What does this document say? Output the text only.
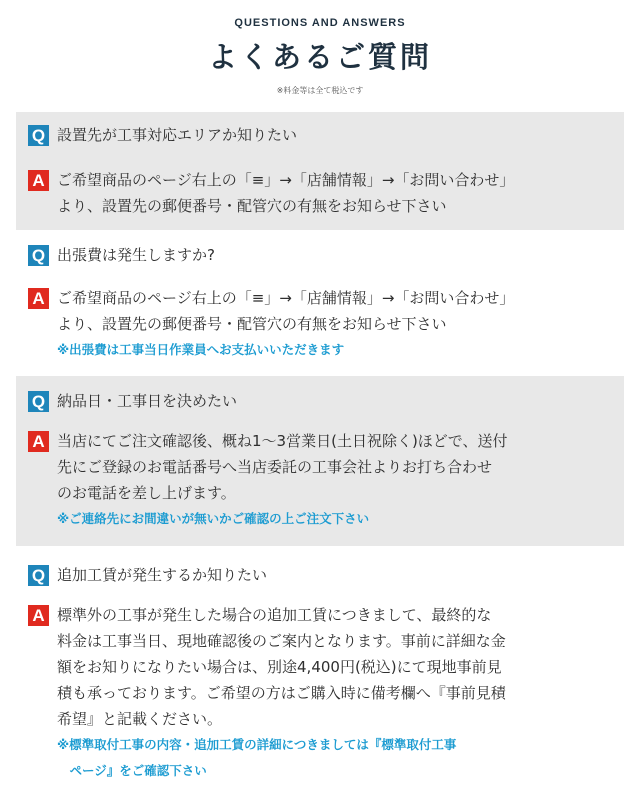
QUESTIONS AND ANSWERS
よくあるご質問
※料金等は全て税込です
Q 設置先が工事対応エリアか知りたい
A ご希望商品のページ右上の「≡」→「店舗情報」→「お問い合わせ」
より、設置先の郵便番号・配管穴の有無をお知らせ下さい
Q 出張費は発生しますか?
A ご希望商品のページ右上の「≡」→「店舗情報」→「お問い合わせ」
より、設置先の郵便番号・配管穴の有無をお知らせ下さい
※出張費は工事当日作業員へお支払いいただきます
Q 納品日・工事日を決めたい
A 当店にてご注文確認後、概ね1〜3営業日(土日祝除く)ほどで、送付
先にご登録のお電話番号へ当店委託の工事会社よりお打ち合わせ
のお電話を差し上げます。
※ご連絡先にお間違いが無いかご確認の上ご注文下さい
Q 追加工賃が発生するか知りたい
A 標準外の工事が発生した場合の追加工賃につきまして、最終的な
料金は工事当日、現地確認後のご案内となります。事前に詳細な金
額をお知りになりたい場合は、別途4,400円(税込)にて現地事前見
積も承っております。ご希望の方はご購入時に備考欄へ『事前見積
希望』と記載ください。
※標準取付工事の内容・追加工賃の詳細につきましては『標準取付工事
　ページ』をご確認下さい
